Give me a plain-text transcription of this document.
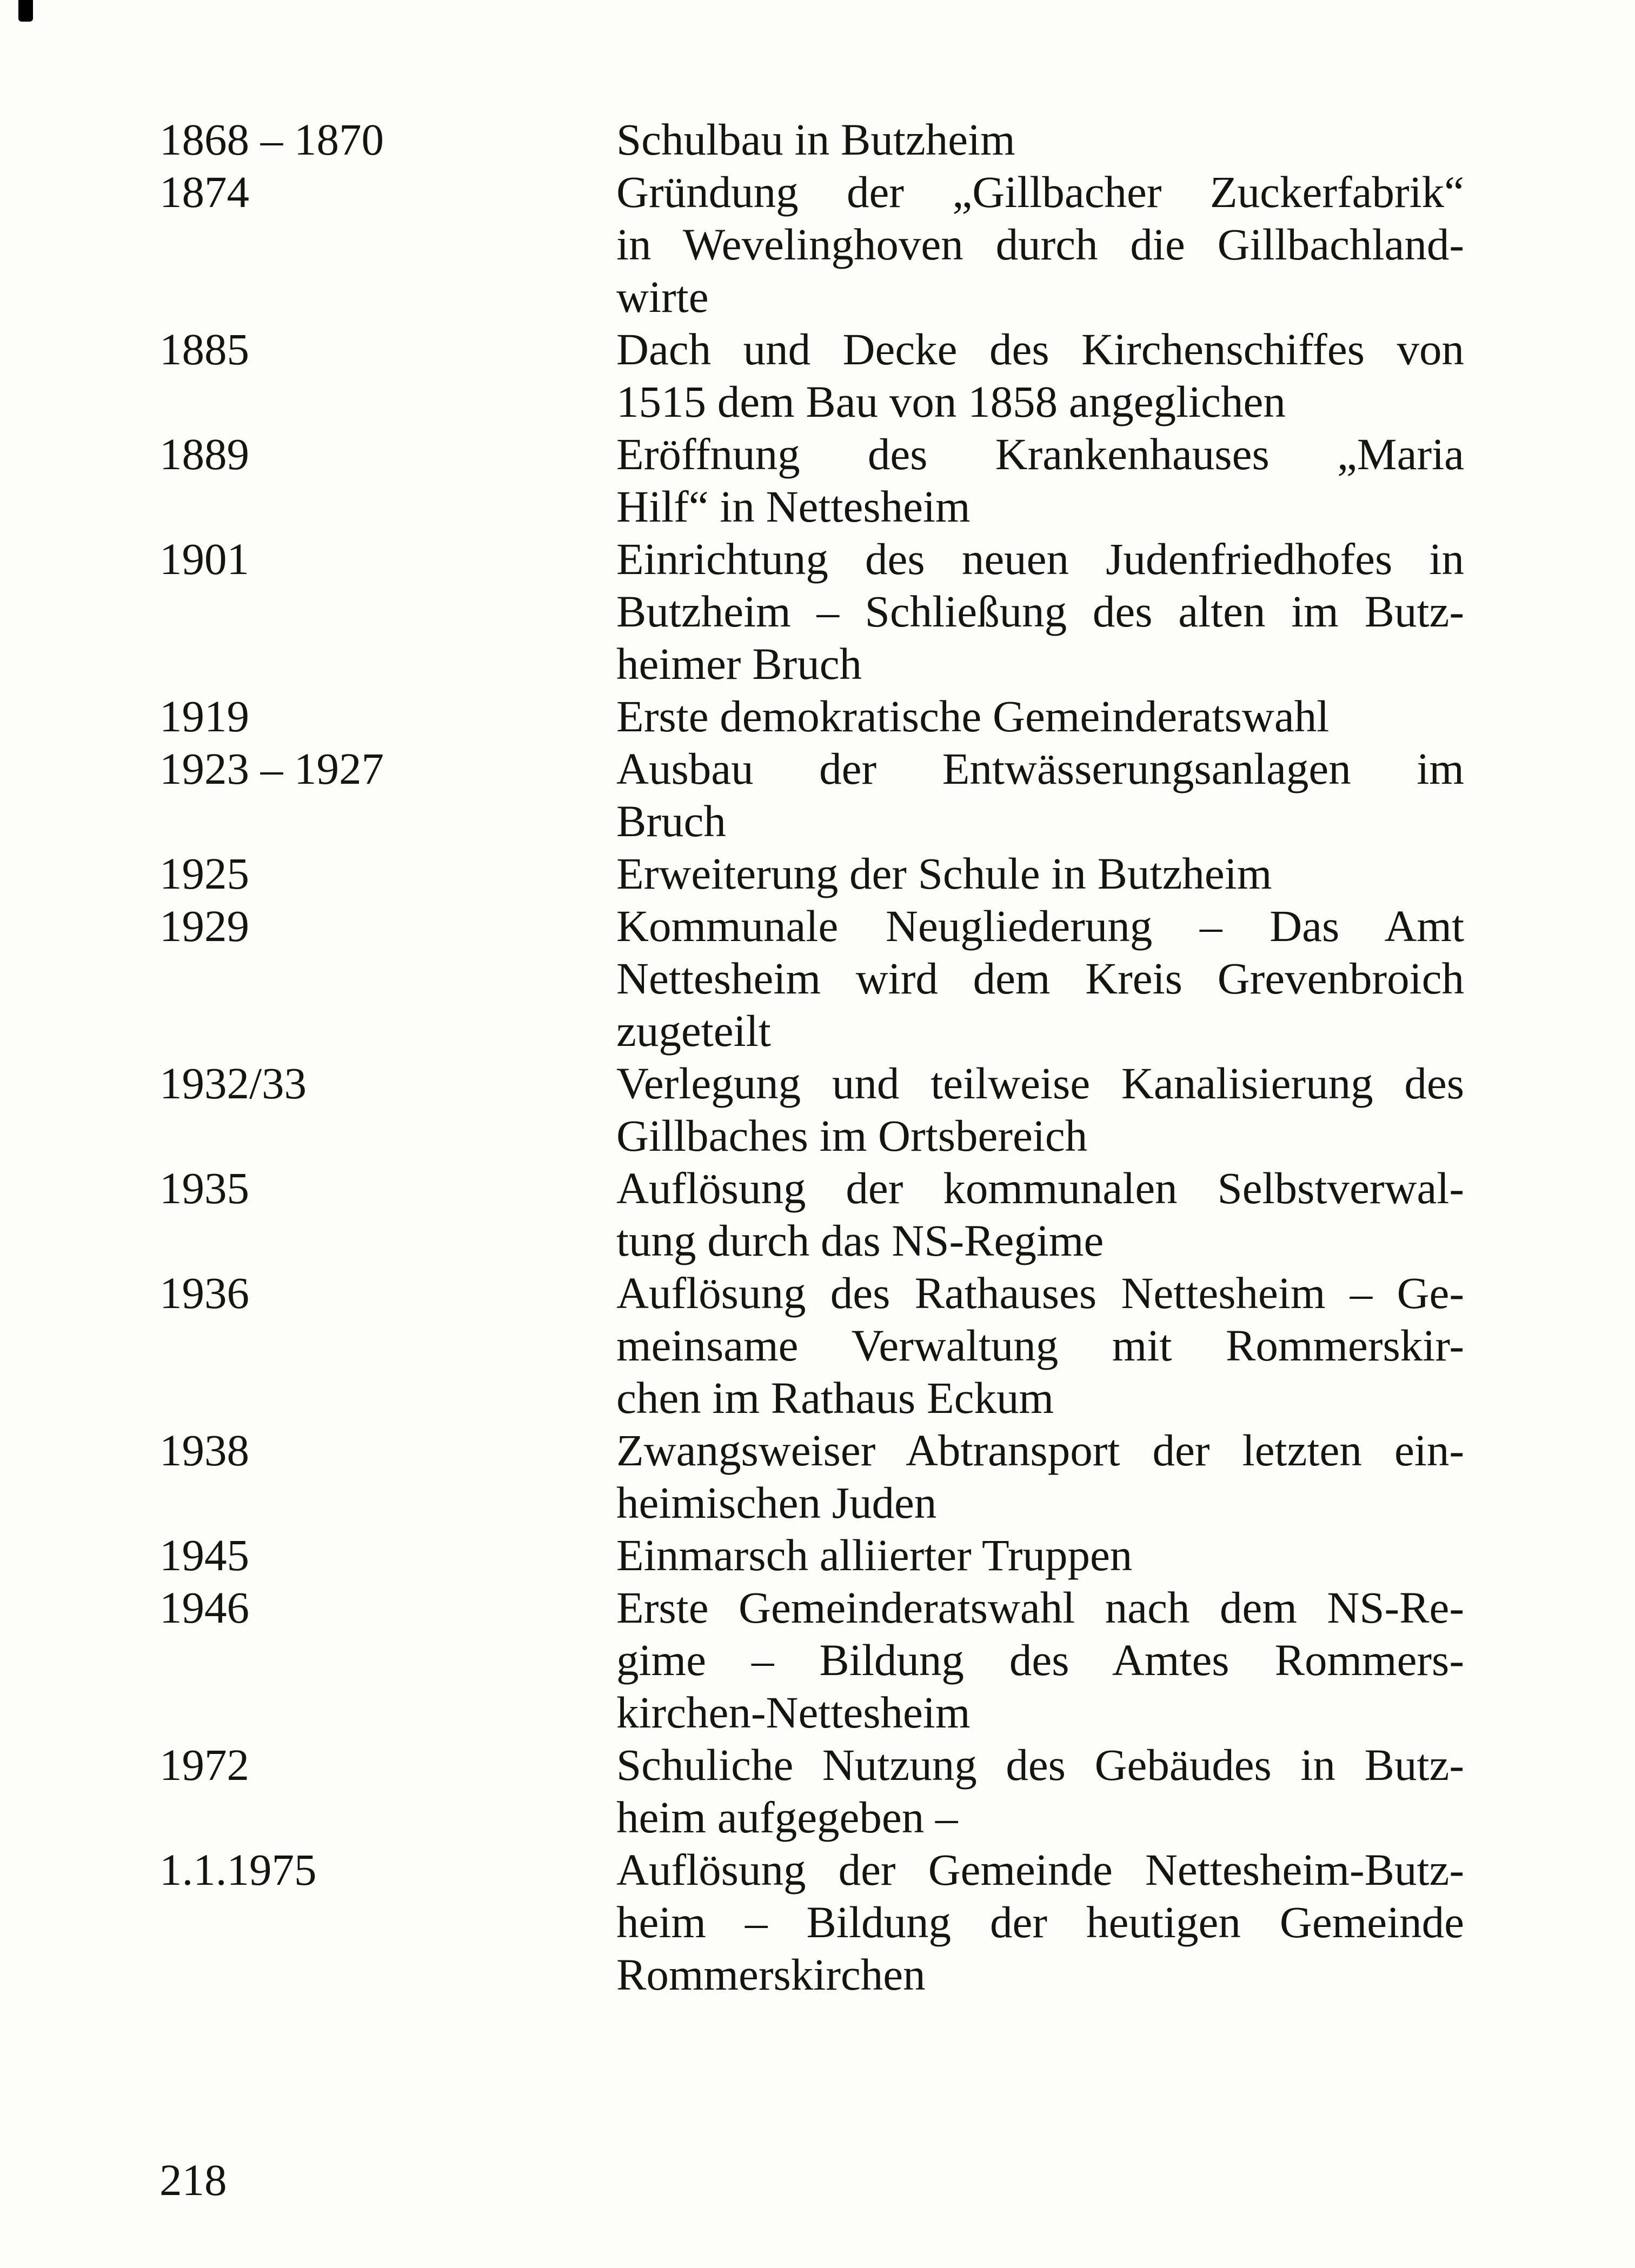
1868 – 1870	Schulbau in Butzheim
1874	Gründung der „Gillbacher Zuckerfabrik“
in Wevelinghoven durch die Gillbachland-
wirte
1885	Dach und Decke des Kirchenschiffes von
1515 dem Bau von 1858 angeglichen
1889	Eröffnung des Krankenhauses „Maria
Hilf“ in Nettesheim
1901	Einrichtung des neuen Judenfriedhofes in
Butzheim – Schließung des alten im Butz-
heimer Bruch
1919	Erste demokratische Gemeinderatswahl
1923 – 1927	Ausbau der Entwässerungsanlagen im
Bruch
1925	Erweiterung der Schule in Butzheim
1929	Kommunale Neugliederung – Das Amt
Nettesheim wird dem Kreis Grevenbroich
zugeteilt
1932/33	Verlegung und teilweise Kanalisierung des
Gillbaches im Ortsbereich
1935	Auflösung der kommunalen Selbstverwal-
tung durch das NS-Regime
1936	Auflösung des Rathauses Nettesheim – Ge-
meinsame Verwaltung mit Rommerskir-
chen im Rathaus Eckum
1938	Zwangsweiser Abtransport der letzten ein-
heimischen Juden
1945	Einmarsch alliierter Truppen
1946	Erste Gemeinderatswahl nach dem NS-Re-
gime – Bildung des Amtes Rommers-
kirchen-Nettesheim
1972	Schuliche Nutzung des Gebäudes in Butz-
heim aufgegeben –
1.1.1975	Auflösung der Gemeinde Nettesheim-Butz-
heim – Bildung der heutigen Gemeinde
Rommerskirchen
218
